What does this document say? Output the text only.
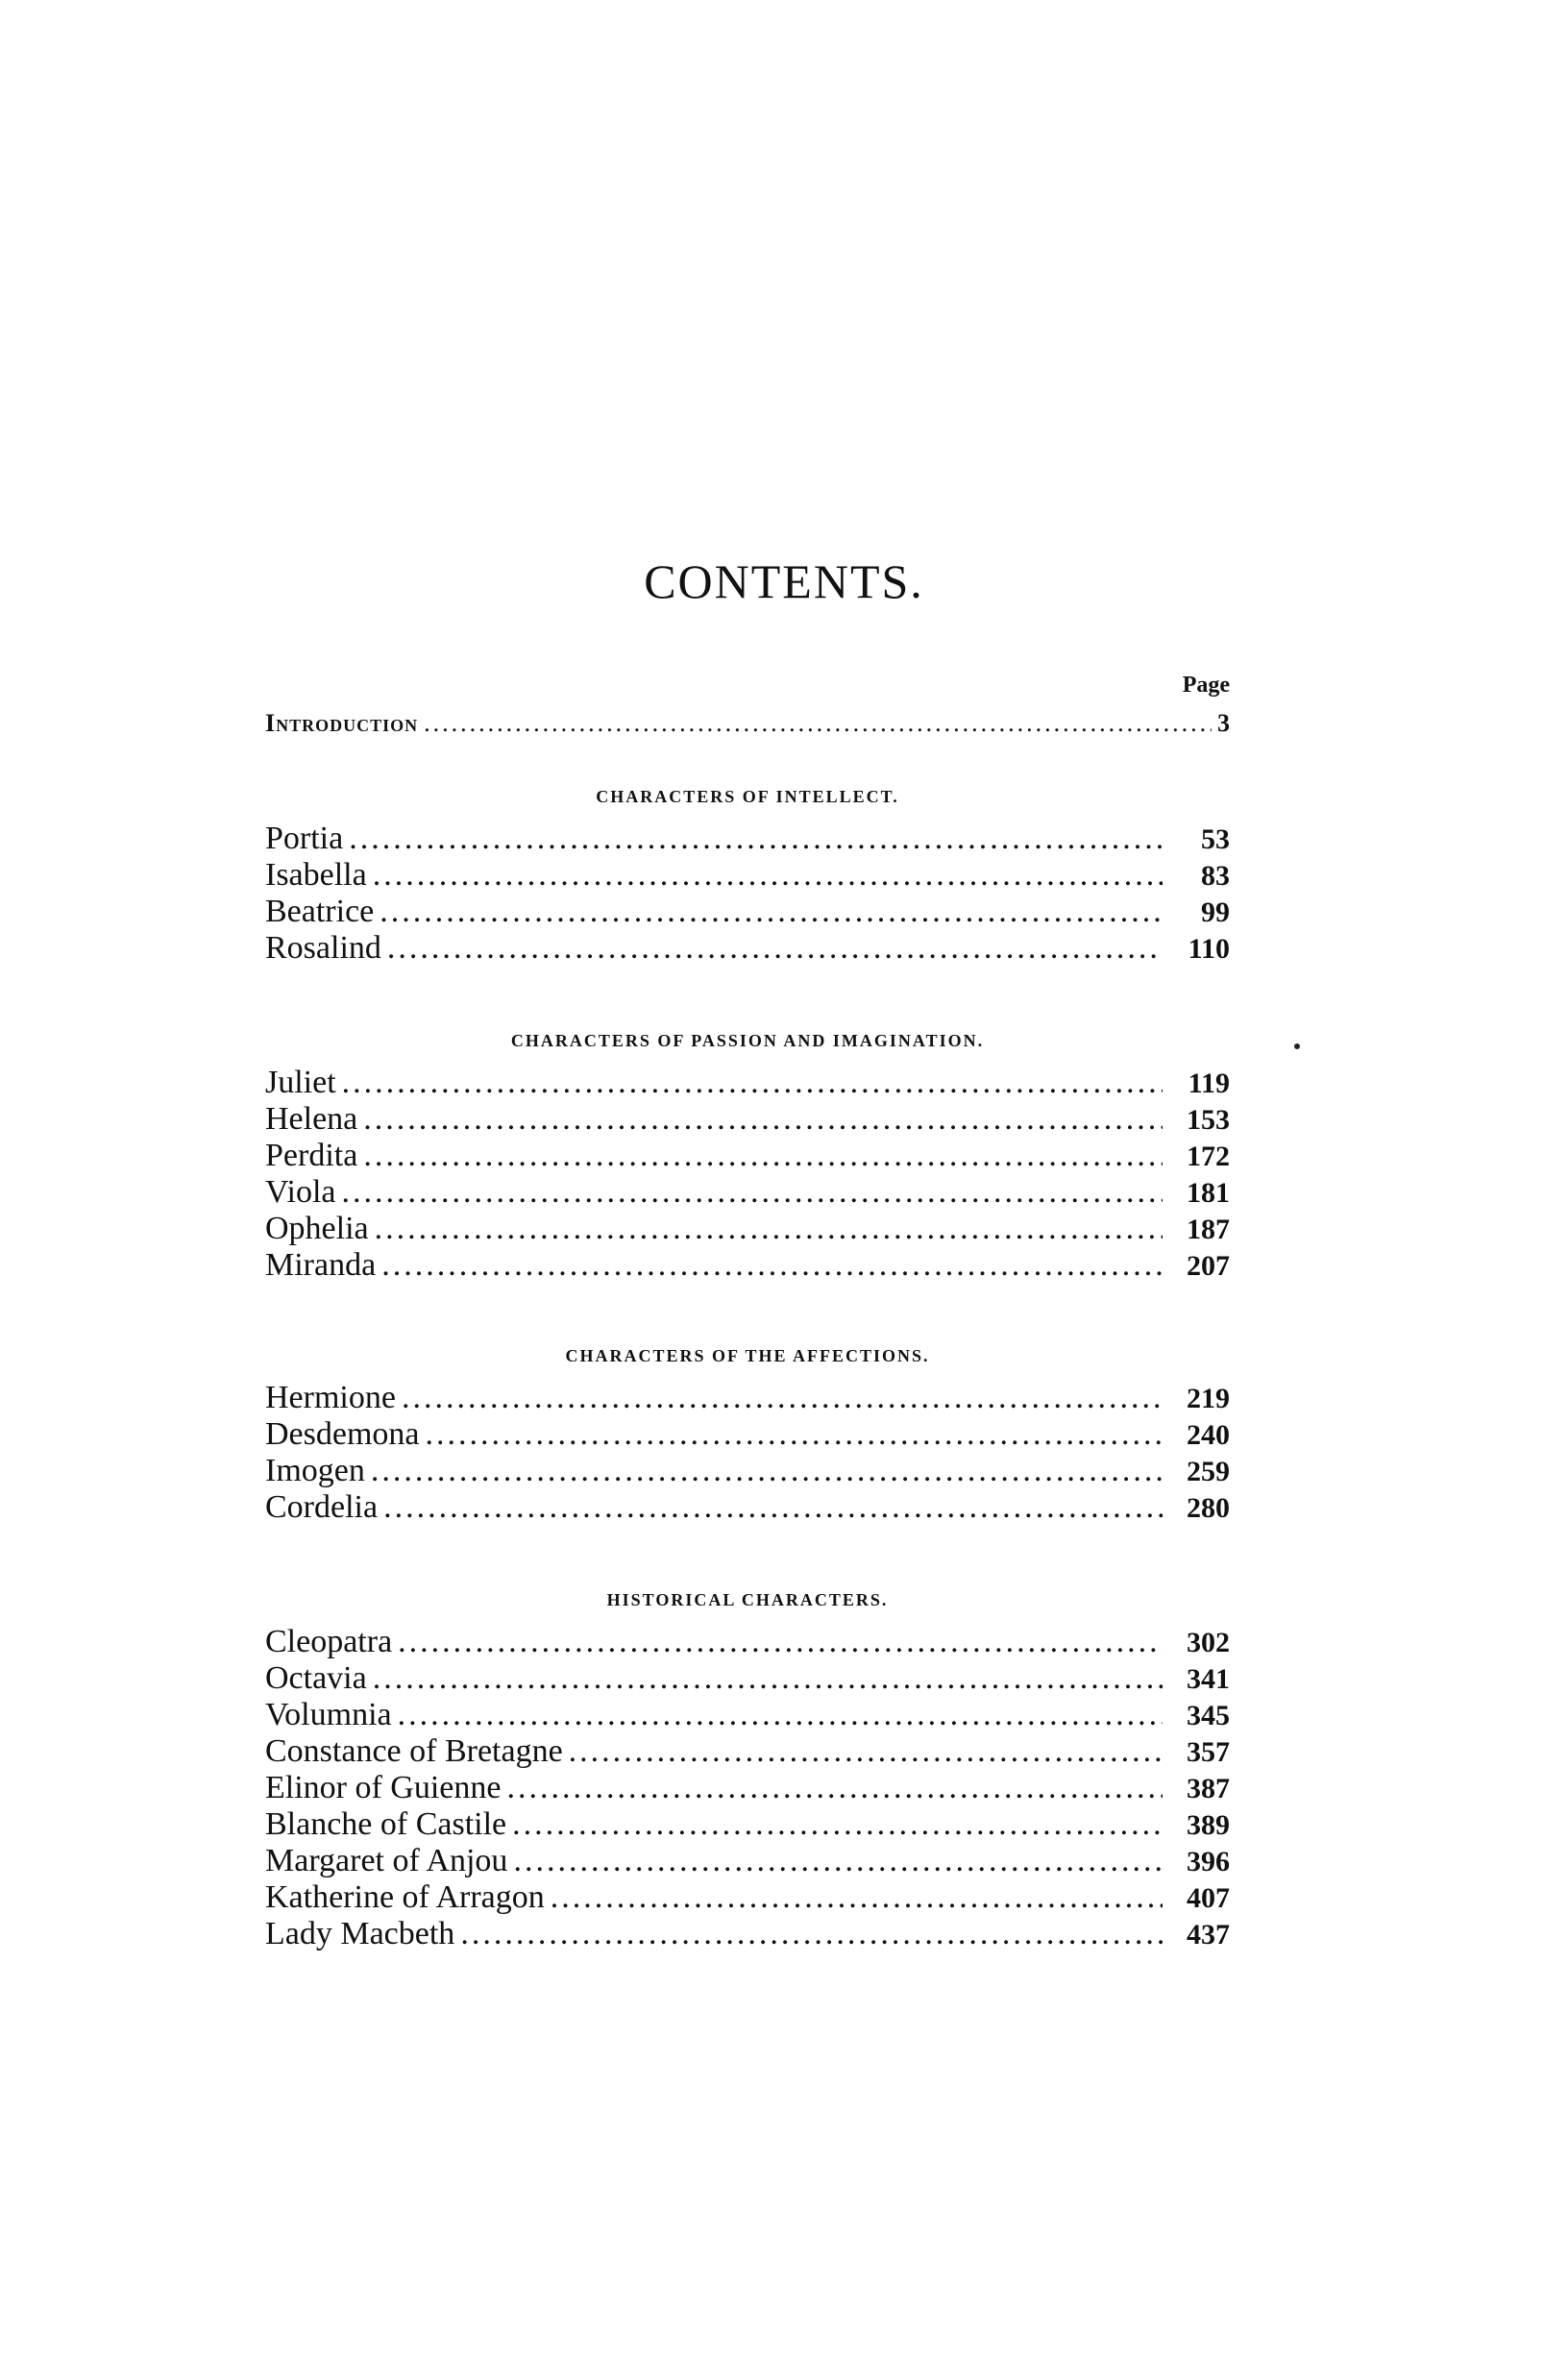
CONTENTS.
Page
Introduction .....	3
CHARACTERS OF INTELLECT.
Portia .....	53
Isabella .....	83
Beatrice .....	99
Rosalind .....	110
CHARACTERS OF PASSION AND IMAGINATION.
Juliet .....	119
Helena .....	153
Perdita .....	172
Viola .....	181
Ophelia .....	187
Miranda .....	207
CHARACTERS OF THE AFFECTIONS.
Hermione .....	219
Desdemona .....	240
Imogen .....	259
Cordelia .....	280
HISTORICAL CHARACTERS.
Cleopatra .....	302
Octavia .....	341
Volumnia .....	345
Constance of Bretagne .....	357
Elinor of Guienne .....	387
Blanche of Castile .....	389
Margaret of Anjou .....	396
Katherine of Arragon .....	407
Lady Macbeth .....	437
